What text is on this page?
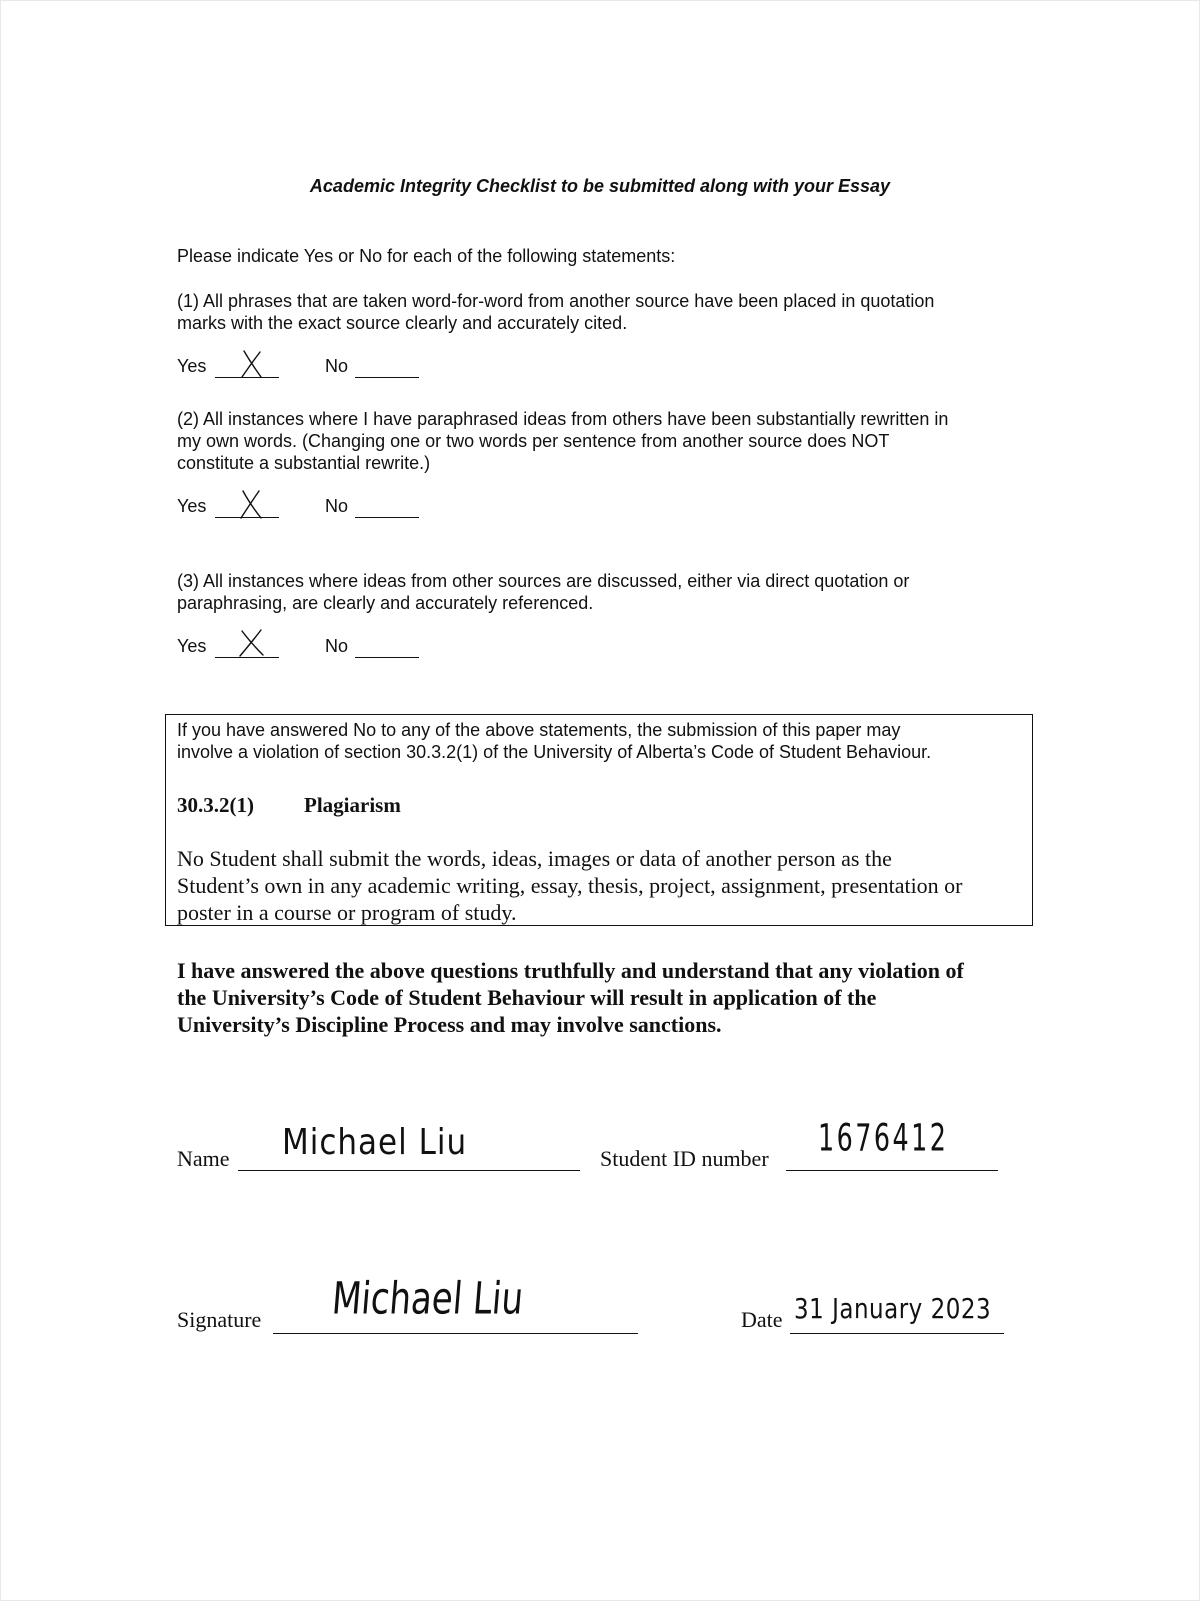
Academic Integrity Checklist to be submitted along with your Essay
Please indicate Yes or No for each of the following statements:
(1) All phrases that are taken word-for-word from another source have been placed in quotation
marks with the exact source clearly and accurately cited.
Yes	No
(2) All instances where I have paraphrased ideas from others have been substantially rewritten in
my own words. (Changing one or two words per sentence from another source does NOT
constitute a substantial rewrite.)
Yes	No
(3) All instances where ideas from other sources are discussed, either via direct quotation or
paraphrasing, are clearly and accurately referenced.
Yes	No
If you have answered No to any of the above statements, the submission of this paper may
involve a violation of section 30.3.2(1) of the University of Alberta’s Code of Student Behaviour.
30.3.2(1) Plagiarism
No Student shall submit the words, ideas, images or data of another person as the
Student’s own in any academic writing, essay, thesis, project, assignment, presentation or
poster in a course or program of study.
I have answered the above questions truthfully and understand that any violation of
the University’s Code of Student Behaviour will result in application of the
University’s Discipline Process and may involve sanctions.
Name Michael Liu	Student ID number 1676412
Signature Michael Liu	Date 31 January 2023
